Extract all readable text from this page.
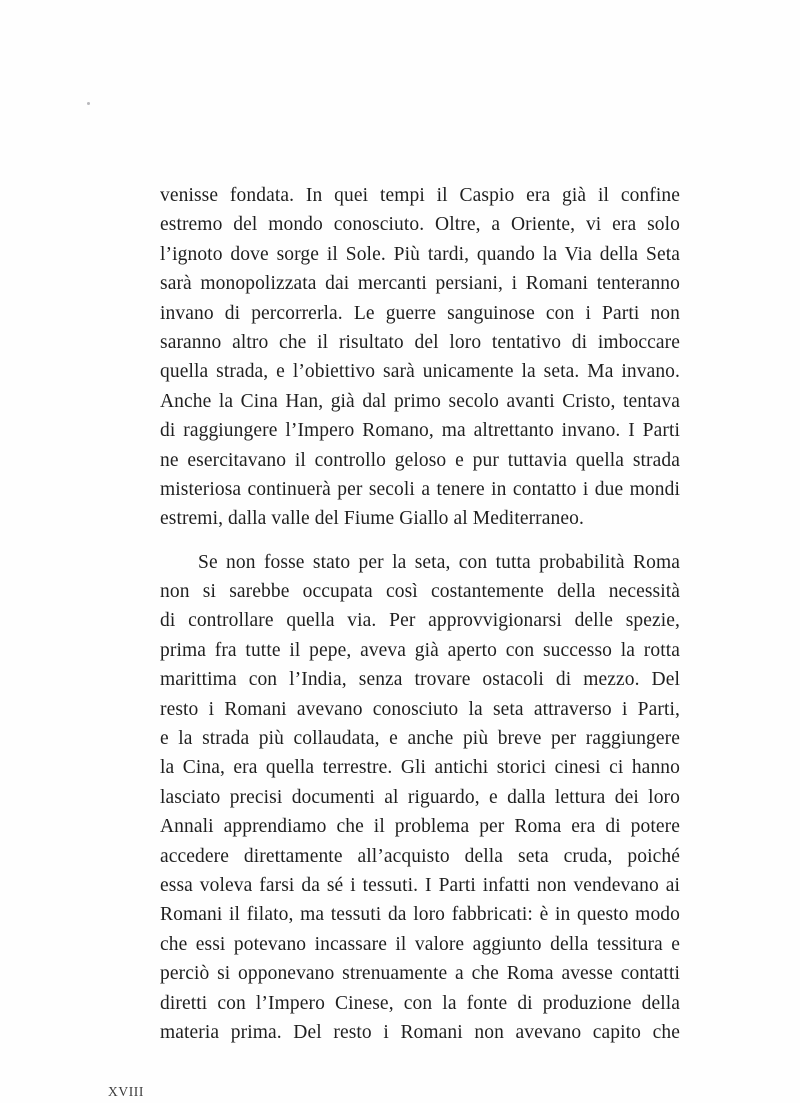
venisse fondata. In quei tempi il Caspio era già il confine
estremo del mondo conosciuto. Oltre, a Oriente, vi era solo
l’ignoto dove sorge il Sole. Più tardi, quando la Via della Seta
sarà monopolizzata dai mercanti persiani, i Romani tenteranno
invano di percorrerla. Le guerre sanguinose con i Parti non
saranno altro che il risultato del loro tentativo di imboccare
quella strada, e l’obiettivo sarà unicamente la seta. Ma invano.
Anche la Cina Han, già dal primo secolo avanti Cristo, tentava
di raggiungere l’Impero Romano, ma altrettanto invano. I Parti
ne esercitavano il controllo geloso e pur tuttavia quella strada
misteriosa continuerà per secoli a tenere in contatto i due mondi
estremi, dalla valle del Fiume Giallo al Mediterraneo.
Se non fosse stato per la seta, con tutta probabilità Roma
non si sarebbe occupata così costantemente della necessità
di controllare quella via. Per approvvigionarsi delle spezie,
prima fra tutte il pepe, aveva già aperto con successo la rotta
marittima con l’India, senza trovare ostacoli di mezzo. Del
resto i Romani avevano conosciuto la seta attraverso i Parti,
e la strada più collaudata, e anche più breve per raggiungere
la Cina, era quella terrestre. Gli antichi storici cinesi ci hanno
lasciato precisi documenti al riguardo, e dalla lettura dei loro
Annali apprendiamo che il problema per Roma era di potere
accedere direttamente all’acquisto della seta cruda, poiché
essa voleva farsi da sé i tessuti. I Parti infatti non vendevano ai
Romani il filato, ma tessuti da loro fabbricati: è in questo modo
che essi potevano incassare il valore aggiunto della tessitura e
perciò si opponevano strenuamente a che Roma avesse contatti
diretti con l’Impero Cinese, con la fonte di produzione della
materia prima. Del resto i Romani non avevano capito che
XVIII
